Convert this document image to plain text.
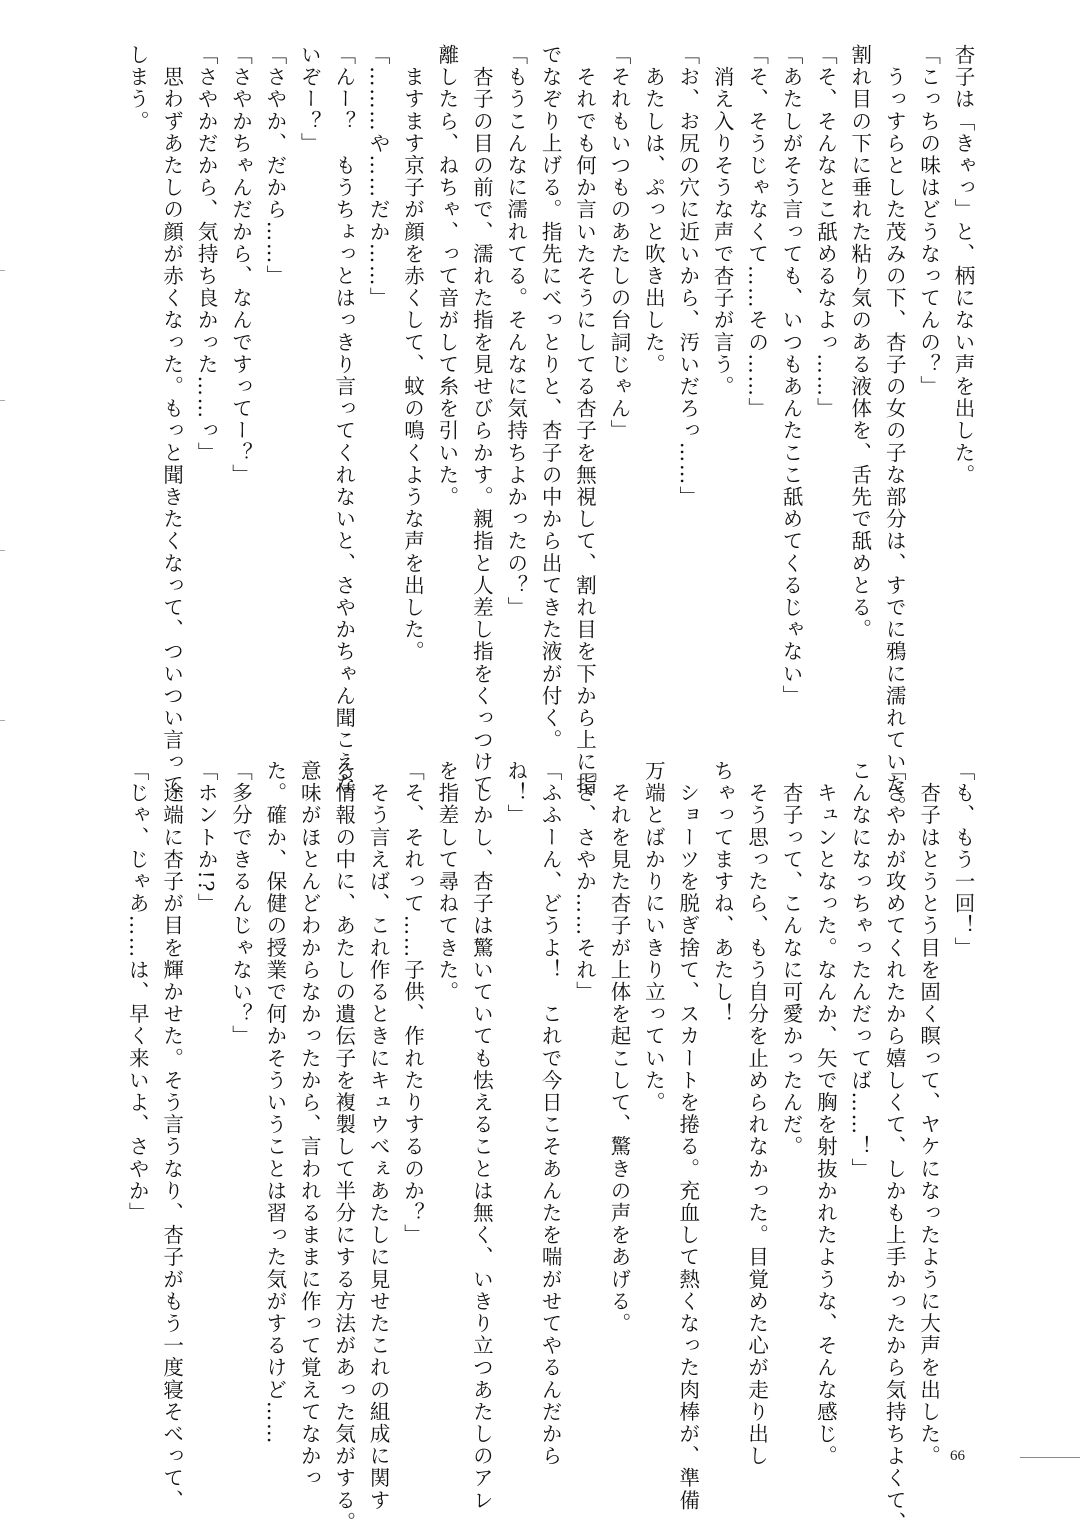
杏子は「きゃっ」と、柄にない声を出した。
「こっちの味はどうなってんの？」
　うっすらとした茂みの下、杏子の女の子な部分は、すでに鴉に濡れていた。
割れ目の下に垂れた粘り気のある液体を、舌先で舐めとる。
「そ、そんなとこ舐めるなよっ……」
「あたしがそう言っても、いつもあんたここ舐めてくるじゃない」
「そ、そうじゃなくて……その……」
　消え入りそうな声で杏子が言う。
「お、お尻の穴に近いから、汚いだろっ……」
　あたしは、ぷっと吹き出した。
「それもいつものあたしの台詞じゃん」
　それでも何か言いたそうにしてる杏子を無視して、割れ目を下から上に指
でなぞり上げる。指先にべっとりと、杏子の中から出てきた液が付く。
「もうこんなに濡れてる。そんなに気持ちよかったの？」
　杏子の目の前で、濡れた指を見せびらかす。親指と人差し指をくっつけて
離したら、ねちゃ、って音がして糸を引いた。
　ますます京子が顔を赤くして、蚊の鳴くような声を出した。
「………や……だか……」
「んー？　もうちょっとはっきり言ってくれないと、さやかちゃん聞こえな
いぞー？」
「さやか、だから……」
「さやかちゃんだから、なんですってー？」
「さやかだから、気持ち良かった……っ」
　思わずあたしの顔が赤くなった。もっと聞きたくなって、ついつい言って
しまう。
「も、もう一回！」
　杏子はとうとう目を固く瞑って、ヤケになったように大声を出した。
「さやかが攻めてくれたから嬉しくて、しかも上手かったから気持ちよくて、
こんなになっちゃったんだってば……！」
　キュンとなった。なんか、矢で胸を射抜かれたような、そんな感じ。
　杏子って、こんなに可愛かったんだ。
　そう思ったら、もう自分を止められなかった。目覚めた心が走り出し
ちゃってますね、あたし！
　ショーツを脱ぎ捨て、スカートを捲る。充血して熱くなった肉棒が、準備
万端とばかりにいきり立っていた。
　それを見た杏子が上体を起こして、驚きの声をあげる。
「さ、さやか……それ」
「ふふーん、どうよ！　これで今日こそあんたを喘がせてやるんだから
ね！」
　しかし、杏子は驚いていても怯えることは無く、いきり立つあたしのアレ
を指差して尋ねてきた。
「そ、それって……子供、作れたりするのか？」
　そう言えば、これ作るときにキュウべぇあたしに見せたこれの組成に関す
る情報の中に、あたしの遺伝子を複製して半分にする方法があった気がする。
意味がほとんどわからなかったから、言われるままに作って覚えてなかっ
た。確か、保健の授業で何かそういうことは習った気がするけど……
「多分できるんじゃない？」
「ホントか!?」
　途端に杏子が目を輝かせた。そう言うなり、杏子がもう一度寝そべって、
「じゃ、じゃあ……は、早く来いよ、さやか」
66
